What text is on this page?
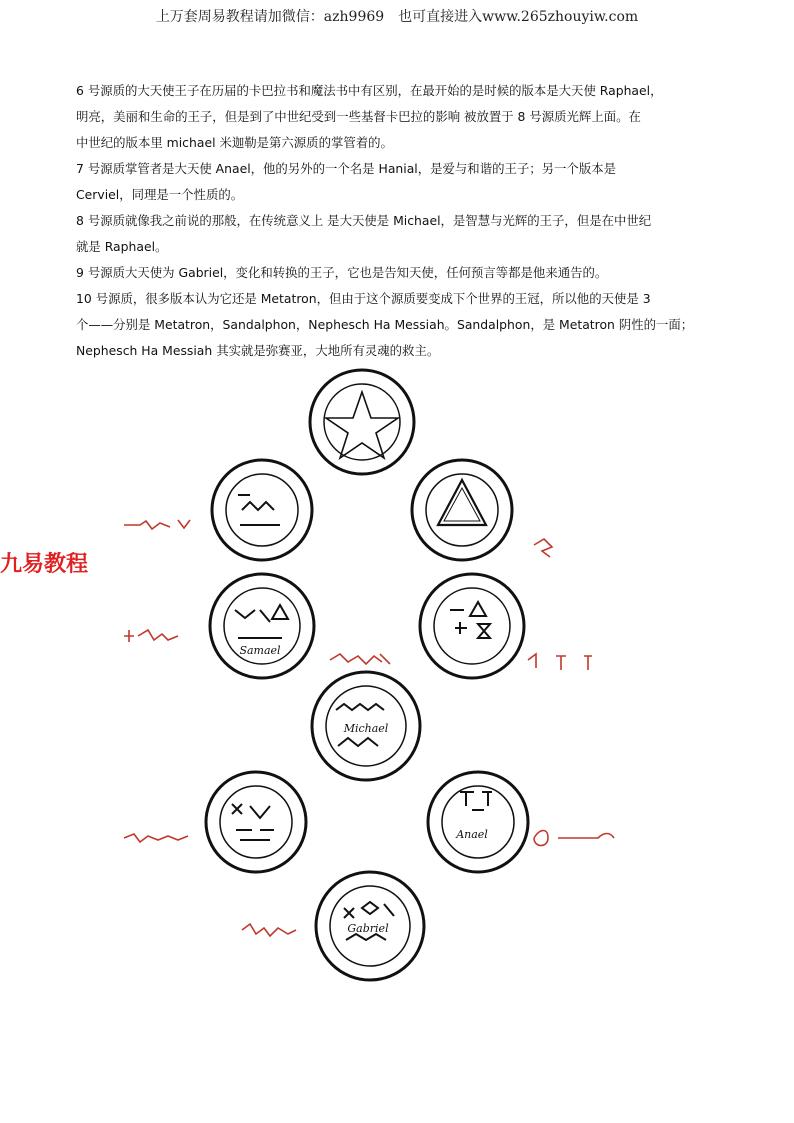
上万套周易教程请加微信：azh9969　也可直接进入www.265zhouyiw.com

6 号源质的大天使王子在历届的卡巴拉书和魔法书中有区别，在最开始的是时候的版本是大天使 Raphael，

明亮，美丽和生命的王子，但是到了中世纪受到一些基督卡巴拉的影响 被放置于 8 号源质光辉上面。在

中世纪的版本里 michael 米迦勒是第六源质的掌管着的。

7 号源质掌管者是大天使 Anael，他的另外的一个名是 Hanial，是爱与和谐的王子；另一个版本是

Cerviel，同理是一个性质的。

8 号源质就像我之前说的那般，在传统意义上 是大天使是 Michael，是智慧与光辉的王子，但是在中世纪

就是 Raphael。

9 号源质大天使为 Gabriel，变化和转换的王子，它也是告知天使，任何预言等都是他来通告的。

10 号源质，很多版本认为它还是 Metatron，但由于这个源质要变成下个世界的王冠，所以他的天使是 3

个——分别是 Metatron，Sandalphon，Nephesch Ha Messiah。Sandalphon，是 Metatron 阴性的一面；

Nephesch Ha Messiah 其实就是弥赛亚，大地所有灵魂的救主。

九易教程
Samael
Michael
Anael
Gabriel
